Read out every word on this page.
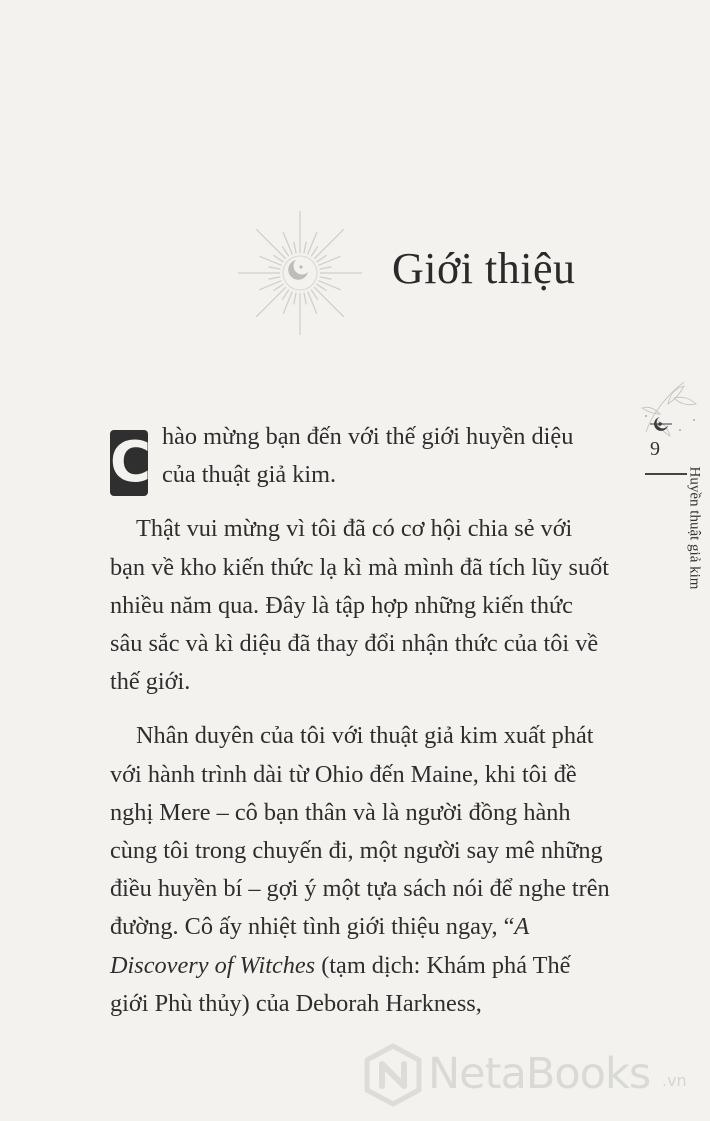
Giới thiệu

C hào mừng bạn đến với thế giới huyền diệu của thuật giả kim.

Thật vui mừng vì tôi đã có cơ hội chia sẻ với bạn về kho kiến thức lạ kì mà mình đã tích lũy suốt nhiều năm qua. Đây là tập hợp những kiến thức sâu sắc và kì diệu đã thay đổi nhận thức của tôi về thế giới.

Nhân duyên của tôi với thuật giả kim xuất phát với hành trình dài từ Ohio đến Maine, khi tôi đề nghị Mere – cô bạn thân và là người đồng hành cùng tôi trong chuyến đi, một người say mê những điều huyền bí – gợi ý một tựa sách nói để nghe trên đường. Cô ấy nhiệt tình giới thiệu ngay, “A Discovery of Witches (tạm dịch: Khám phá Thế giới Phù thủy) của Deborah Harkness,

9
Huyền thuật giả kim
NetaBooks .vn
